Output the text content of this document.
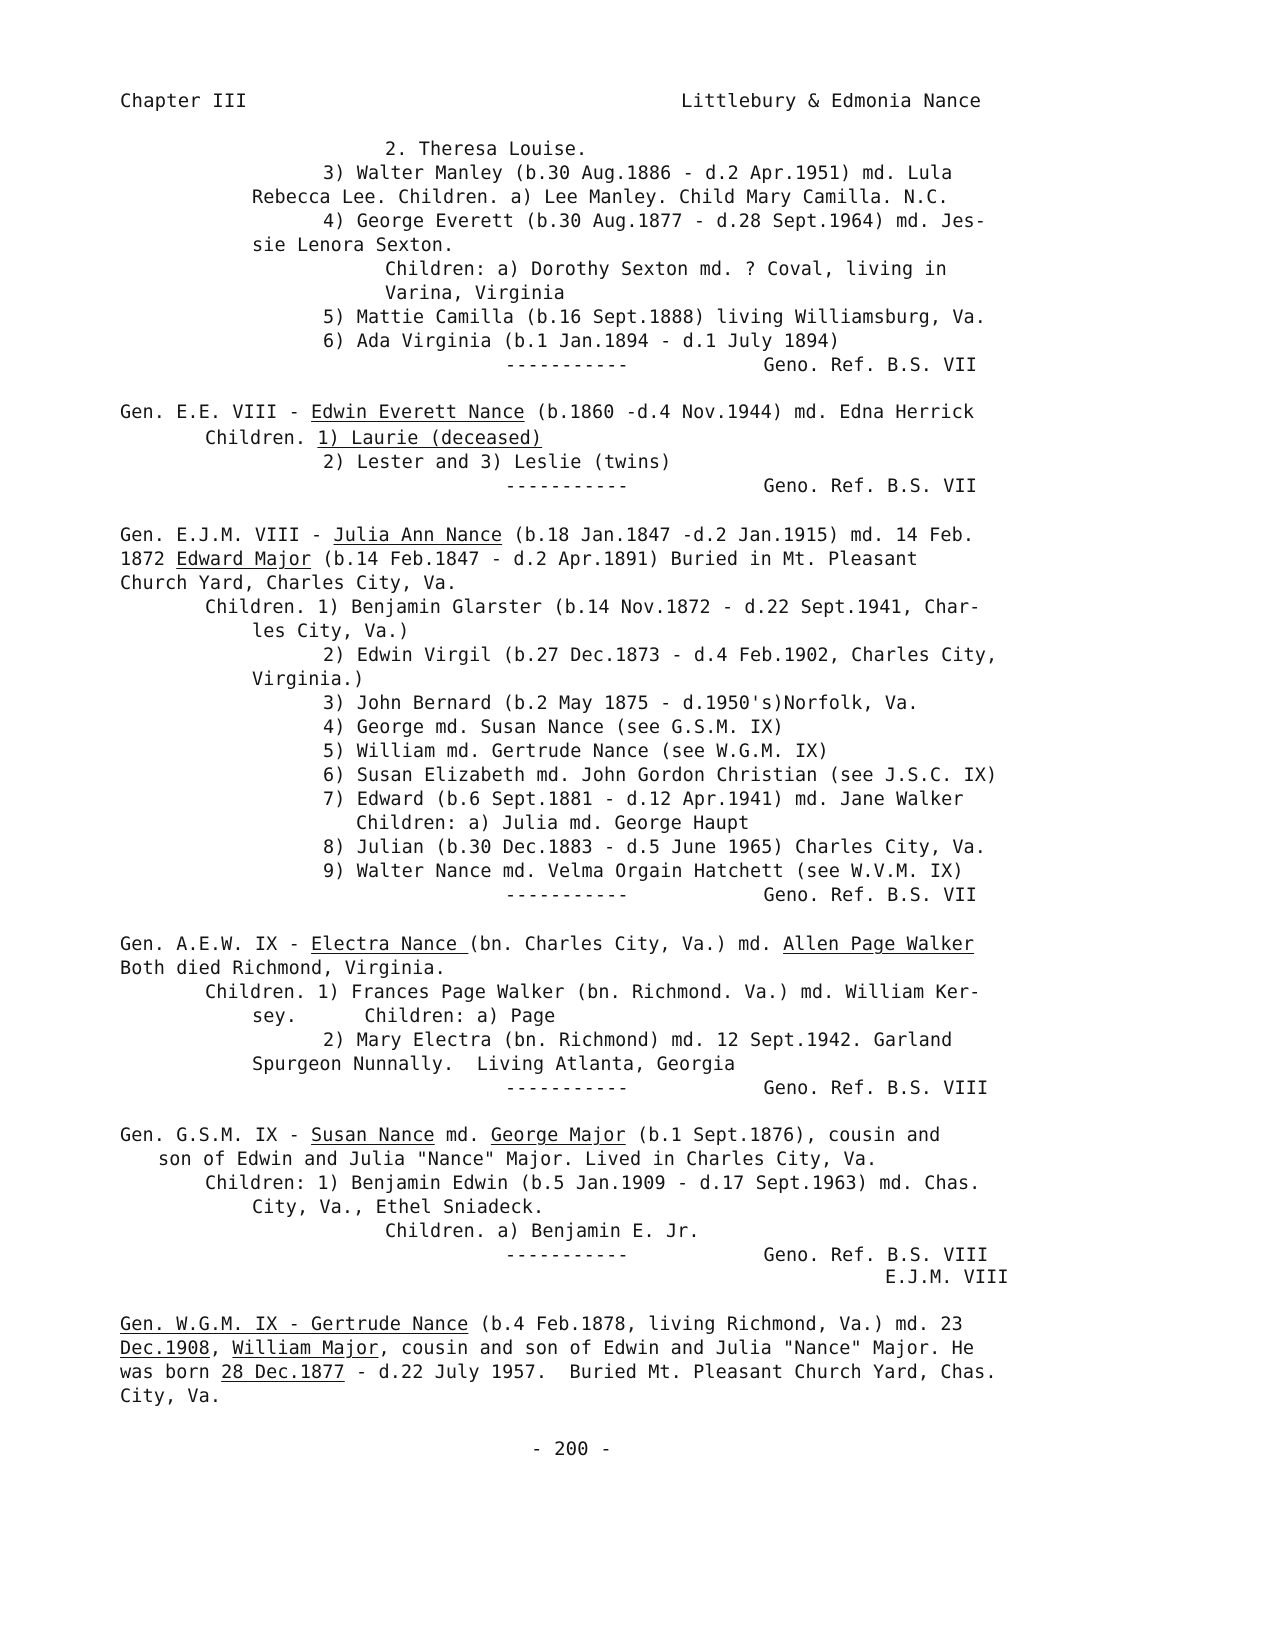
Chapter III	Littlebury & Edmonia Nance
2. Theresa Louise.
3) Walter Manley (b.30 Aug.1886 - d.2 Apr.1951) md. Lula
Rebecca Lee. Children. a) Lee Manley. Child Mary Camilla. N.C.
4) George Everett (b.30 Aug.1877 - d.28 Sept.1964) md. Jes-
sie Lenora Sexton.
Children: a) Dorothy Sexton md. ? Coval, living in
Varina, Virginia
5) Mattie Camilla (b.16 Sept.1888) living Williamsburg, Va.
6) Ada Virginia (b.1 Jan.1894 - d.1 July 1894)
-----------            Geno. Ref. B.S. VII
Gen. E.E. VIII - Edwin Everett Nance (b.1860 -d.4 Nov.1944) md. Edna Herrick
Children. 1) Laurie (deceased)
2) Lester and 3) Leslie (twins)
-----------            Geno. Ref. B.S. VII
Gen. E.J.M. VIII - Julia Ann Nance (b.18 Jan.1847 -d.2 Jan.1915) md. 14 Feb.
1872 Edward Major (b.14 Feb.1847 - d.2 Apr.1891) Buried in Mt. Pleasant
Church Yard, Charles City, Va.
Children. 1) Benjamin Glarster (b.14 Nov.1872 - d.22 Sept.1941, Char-
les City, Va.)
2) Edwin Virgil (b.27 Dec.1873 - d.4 Feb.1902, Charles City,
Virginia.)
3) John Bernard (b.2 May 1875 - d.1950's)Norfolk, Va.
4) George md. Susan Nance (see G.S.M. IX)
5) William md. Gertrude Nance (see W.G.M. IX)
6) Susan Elizabeth md. John Gordon Christian (see J.S.C. IX)
7) Edward (b.6 Sept.1881 - d.12 Apr.1941) md. Jane Walker
Children: a) Julia md. George Haupt
8) Julian (b.30 Dec.1883 - d.5 June 1965) Charles City, Va.
9) Walter Nance md. Velma Orgain Hatchett (see W.V.M. IX)
-----------            Geno. Ref. B.S. VII
Gen. A.E.W. IX - Electra Nance (bn. Charles City, Va.) md. Allen Page Walker
Both died Richmond, Virginia.
Children. 1) Frances Page Walker (bn. Richmond. Va.) md. William Ker-
sey.      Children: a) Page
2) Mary Electra (bn. Richmond) md. 12 Sept.1942. Garland
Spurgeon Nunnally.  Living Atlanta, Georgia
-----------            Geno. Ref. B.S. VIII
Gen. G.S.M. IX - Susan Nance md. George Major (b.1 Sept.1876), cousin and
son of Edwin and Julia "Nance" Major. Lived in Charles City, Va.
Children: 1) Benjamin Edwin (b.5 Jan.1909 - d.17 Sept.1963) md. Chas.
City, Va., Ethel Sniadeck.
Children. a) Benjamin E. Jr.
-----------            Geno. Ref. B.S. VIII
E.J.M. VIII
Gen. W.G.M. IX - Gertrude Nance (b.4 Feb.1878, living Richmond, Va.) md. 23
Dec.1908, William Major, cousin and son of Edwin and Julia "Nance" Major. He
was born 28 Dec.1877 - d.22 July 1957.  Buried Mt. Pleasant Church Yard, Chas.
City, Va.
- 200 -
